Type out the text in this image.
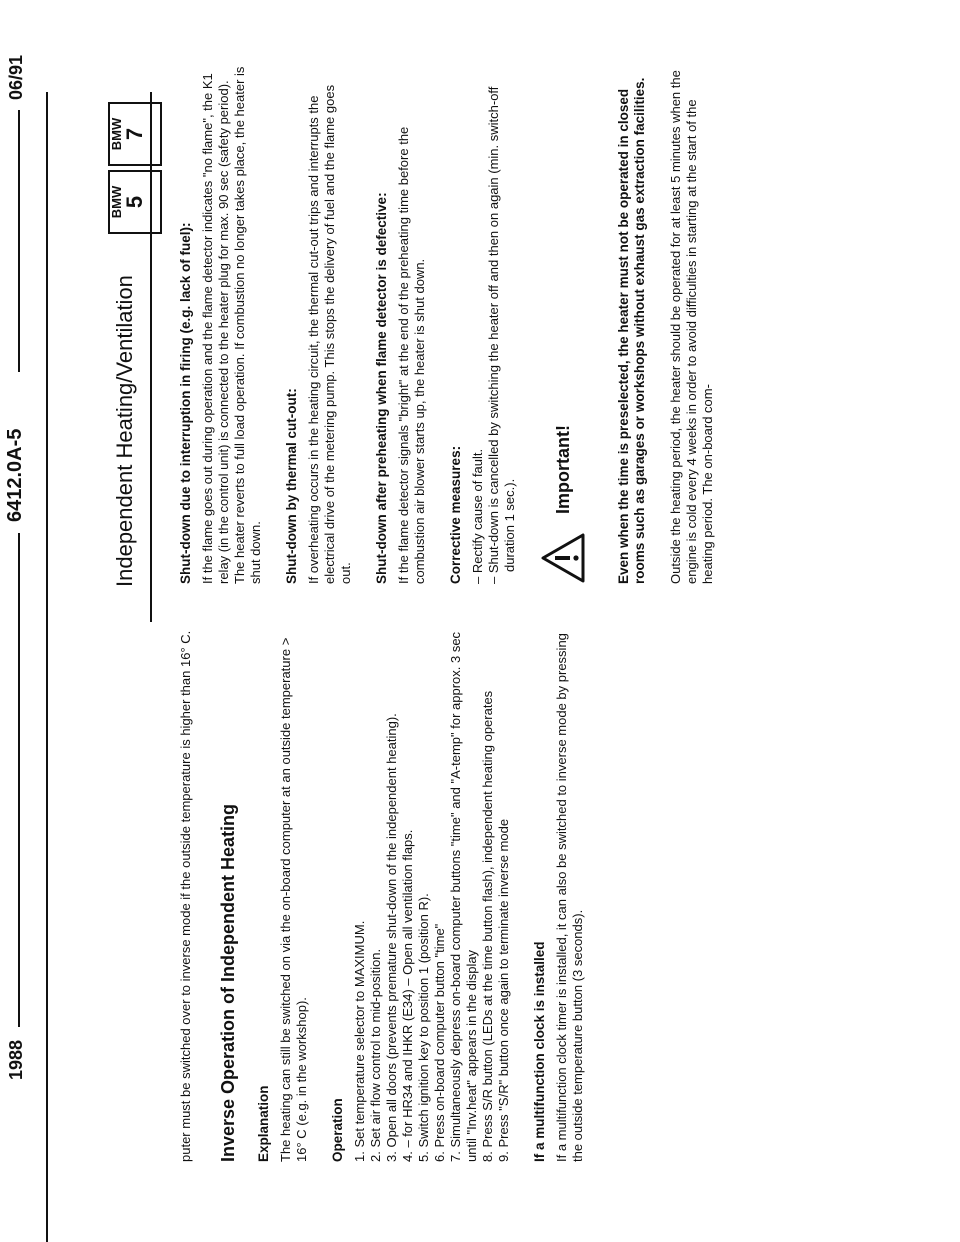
06/91
6412.0A-5
1988
BMW
5
BMW
7
Independent Heating/Ventilation	Shut-down due to interruption in firing (e.g. lack of fuel): If the flame goes out during operation and the flame detector indicates "no flame", the K1 relay (in the control unit) is connected to the heater plug for max. 90 sec (safety period). The heater reverts to full load operation. If combustion no longer takes place, the heater is shut down. Shut-down by thermal cut-out: If overheating occurs in the heating circuit, the thermal cut-out trips and interrupts the electrical drive of the metering pump. This stops the delivery of fuel and the flame goes out. Shut-down after preheating when flame detector is defective: If the flame detector signals "bright" at the end of the preheating time before the combustion air blower starts up, the heater is shut down. Corrective measures: – Rectify cause of fault. – Shut-down is cancelled by switching the heater off and then on again (min. switch-off duration 1 sec.).
Important!	Even when the time is preselected, the heater must not be operated in closed rooms such as garages or workshops without exhaust gas extraction facilities. Outside the heating period, the heater should be operated for at least 5 minutes when the engine is cold every 4 weeks in order to avoid difficulties in starting at the start of the heating period. The on-board com-

puter must be switched over to inverse mode if the outside temperature is higher than 16° C. Inverse Operation of Independent Heating Explanation The heating can still be switched on via the on-board computer at an outside temperature > 16° C (e.g. in the workshop). Operation 1. Set temperature selector to MAXIMUM. 2. Set air flow control to mid-position. 3. Open all doors (prevents premature shut-down of the independent heating). 4. – for HR34 and IHKR (E34) – Open all ventilation flaps. 5. Switch ignition key to position 1 (position R). 6. Press on-board computer button "time" 7. Simultaneously depress on-board computer buttons "time" and "A-temp" for approx. 3 sec until "Inv.heat" appears in the display 8. Press S/R button (LEDs at the time button flash), independent heating operates 9. Press "S/R" button once again to terminate inverse mode If a multifunction clock is installed If a multifunction clock timer is installed, it can also be switched to inverse mode by pressing the outside temperature button (3 seconds).
